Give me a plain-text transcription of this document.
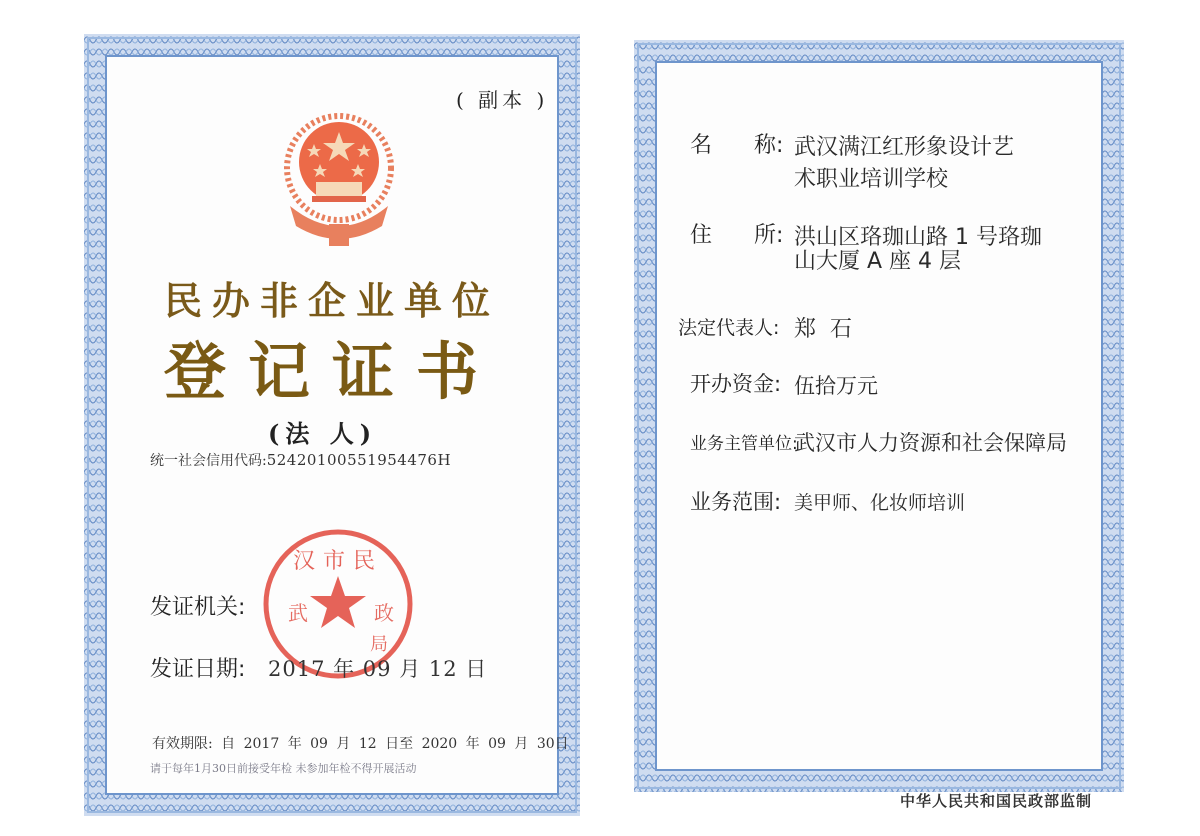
( 副本 )
民办非企业单位
登记证书
(法 人)
统一社会信用代码:52420100551954476H
汉市民
武	政
局
发证机关:
发证日期: 2017 年 09 月 12 日
有效期限: 自 2017 年 09 月 12 日至 2020 年 09 月 30日
请于每年1月30日前接受年检 未参加年检不得开展活动
名      称: 武汉满江红形象设计艺
术职业培训学校
住      所: 洪山区珞珈山路 1 号珞珈
山大厦 A 座 4 层
法定代表人: 郑  石
开办资金: 伍拾万元
业务主管单位:
武汉市人力资源和社会保障局
业务范围: 美甲师、化妆师培训
中华人民共和国民政部监制
